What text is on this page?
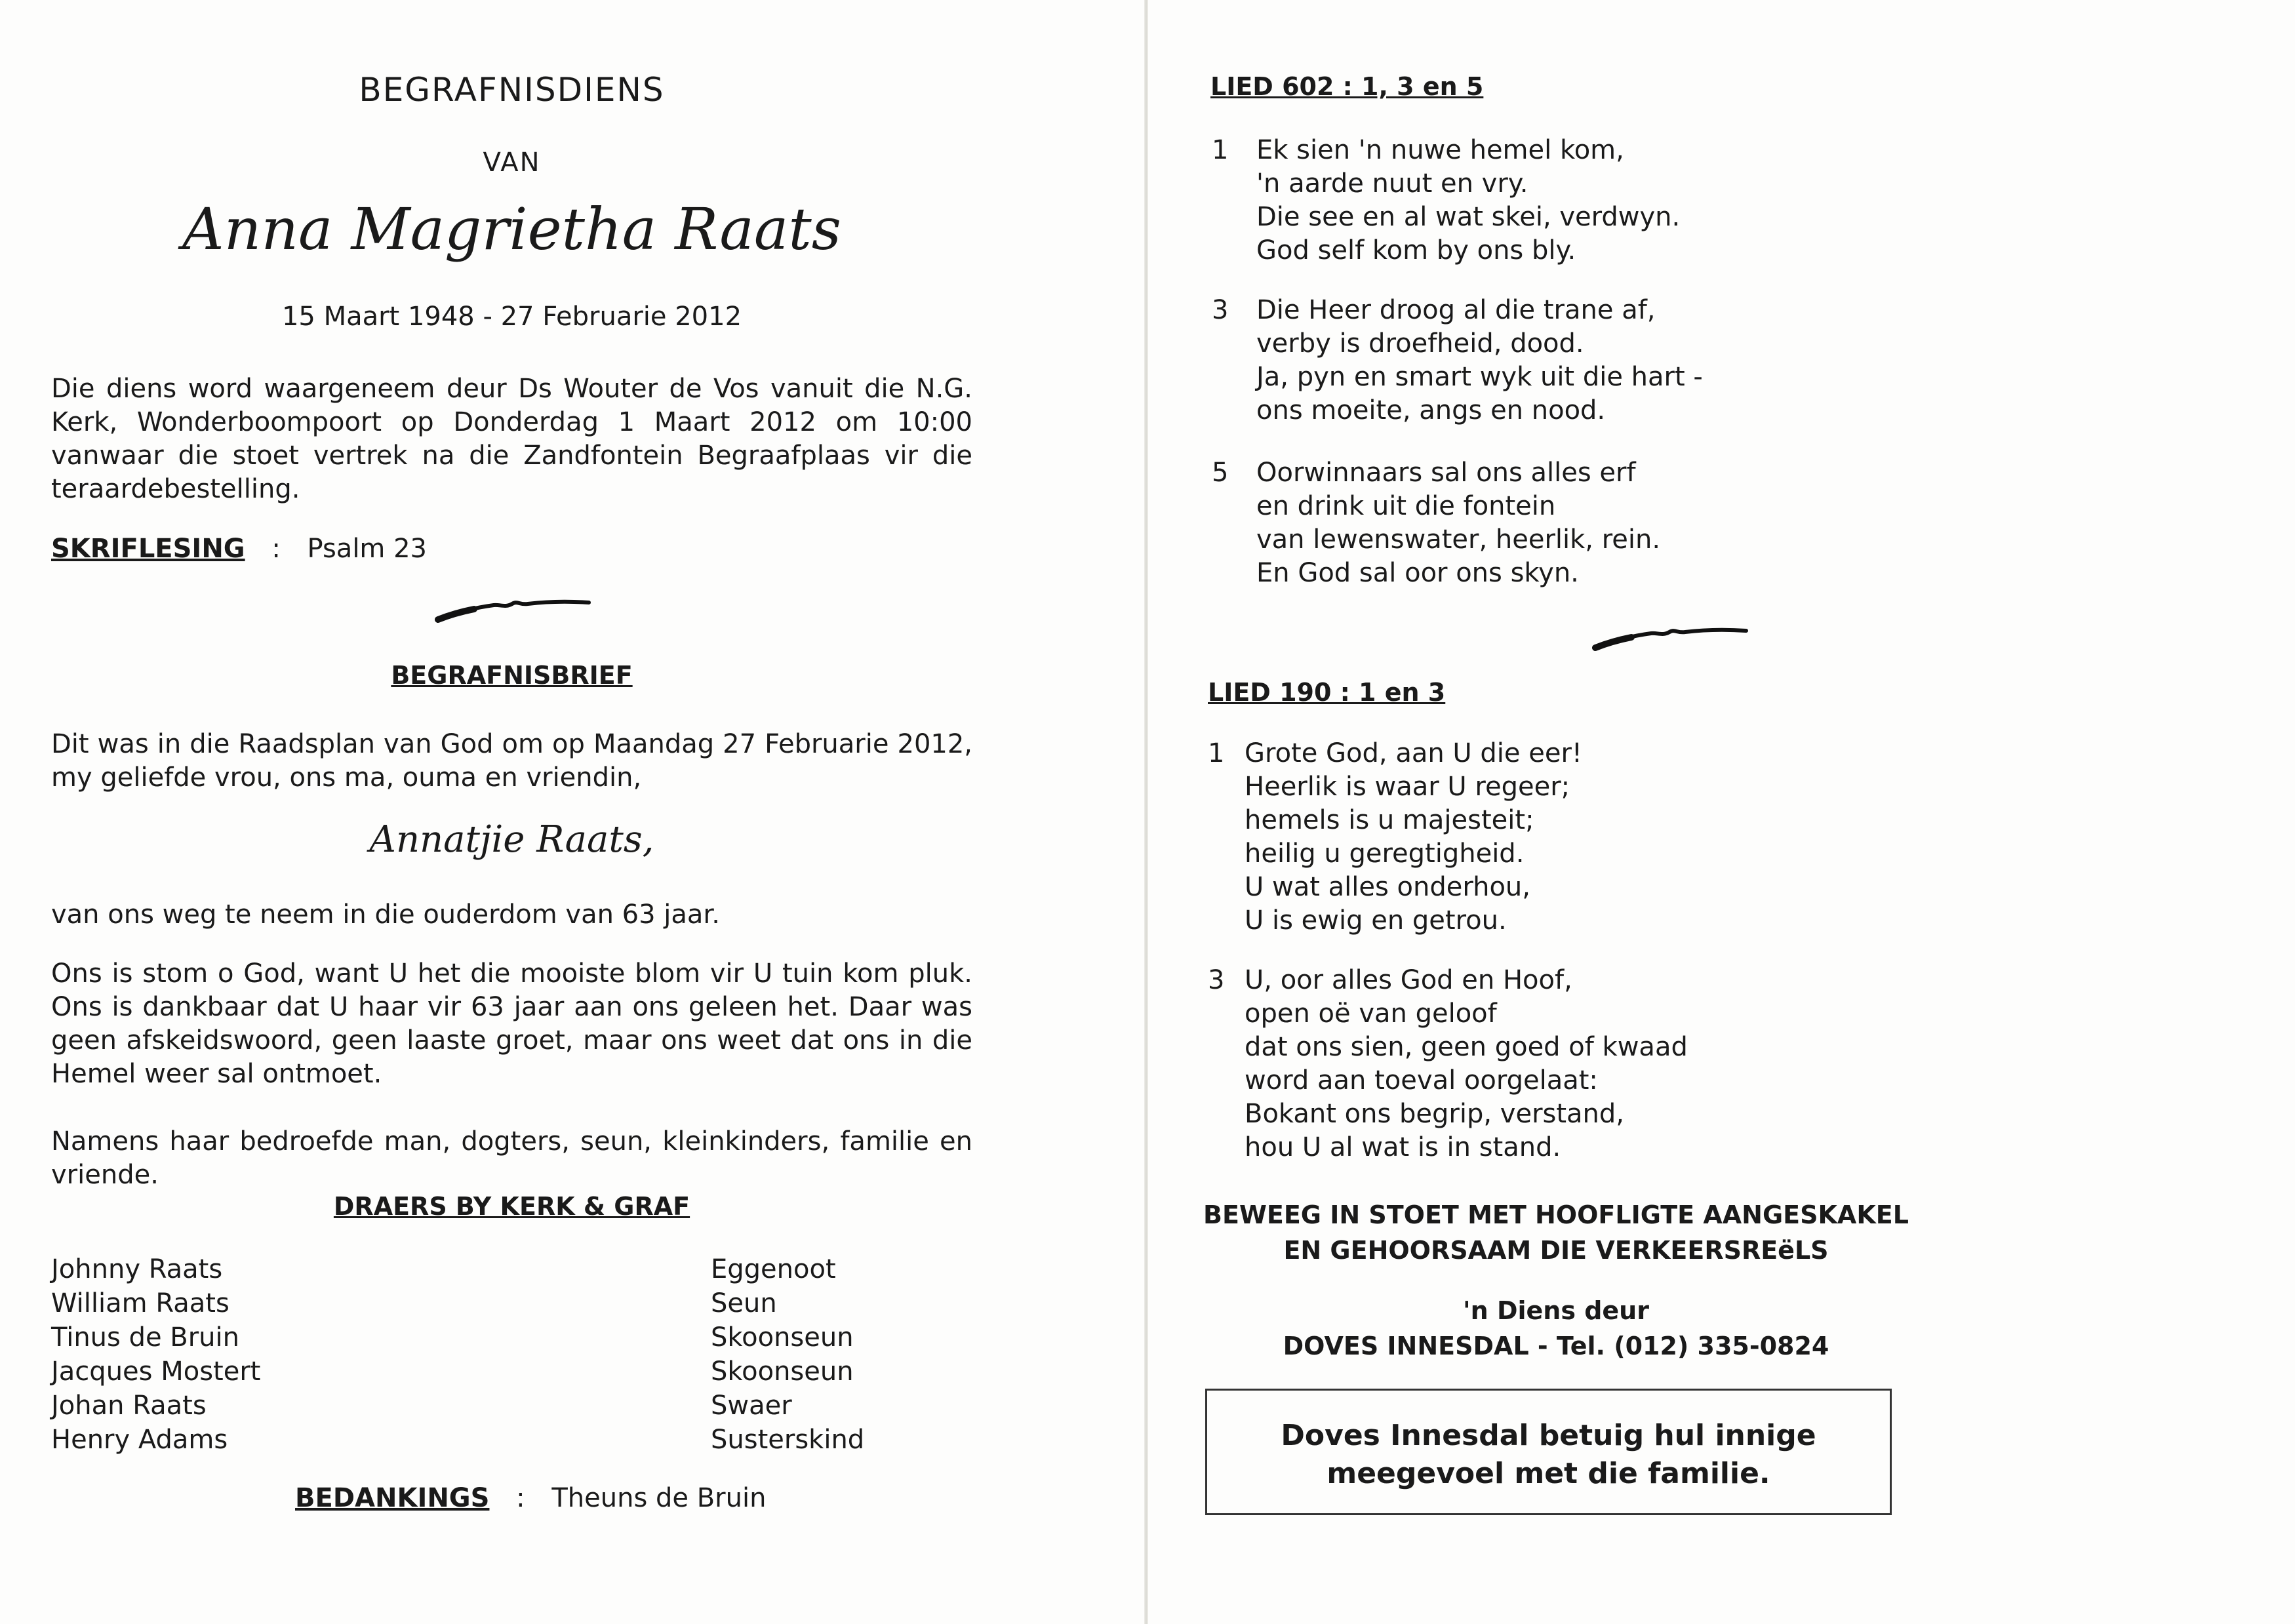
BEGRAFNISDIENS
VAN
Anna Magrietha Raats
15 Maart 1948 - 27 Februarie 2012
Die diens word waargeneem deur Ds Wouter de Vos vanuit die N.G. Kerk, Wonderboompoort op Donderdag 1 Maart 2012 om 10:00 vanwaar die stoet vertrek na die Zandfontein Begraafplaas vir die teraardebestelling.
SKRIFLESING : Psalm 23
BEGRAFNISBRIEF
Dit was in die Raadsplan van God om op Maandag 27 Februarie 2012, my geliefde vrou, ons ma, ouma en vriendin,
Annatjie Raats,
van ons weg te neem in die ouderdom van 63 jaar.
Ons is stom o God, want U het die mooiste blom vir U tuin kom pluk. Ons is dankbaar dat U haar vir 63 jaar aan ons geleen het. Daar was geen afskeidswoord, geen laaste groet, maar ons weet dat ons in die Hemel weer sal ontmoet.
Namens haar bedroefde man, dogters, seun, kleinkinders, familie en vriende.
DRAERS BY KERK & GRAF
Johnny Raats	Eggenoot
William Raats	Seun
Tinus de Bruin	Skoonseun
Jacques Mostert	Skoonseun
Johan Raats	Swaer
Henry Adams	Susterskind
BEDANKINGS : Theuns de Bruin
LIED 602 : 1, 3 en 5
1 Ek sien 'n nuwe hemel kom,
'n aarde nuut en vry.
Die see en al wat skei, verdwyn.
God self kom by ons bly.
3 Die Heer droog al die trane af,
verby is droefheid, dood.
Ja, pyn en smart wyk uit die hart -
ons moeite, angs en nood.
5 Oorwinnaars sal ons alles erf
en drink uit die fontein
van lewenswater, heerlik, rein.
En God sal oor ons skyn.
LIED 190 : 1 en 3
1 Grote God, aan U die eer!
Heerlik is waar U regeer;
hemels is u majesteit;
heilig u geregtigheid.
U wat alles onderhou,
U is ewig en getrou.
3 U, oor alles God en Hoof,
open oë van geloof
dat ons sien, geen goed of kwaad
word aan toeval oorgelaat:
Bokant ons begrip, verstand,
hou U al wat is in stand.
BEWEEG IN STOET MET HOOFLIGTE AANGESKAKEL
EN GEHOORSAAM DIE VERKEERSREëLS
'n Diens deur
DOVES INNESDAL - Tel. (012) 335-0824
Doves Innesdal betuig hul innige
meegevoel met die familie.
